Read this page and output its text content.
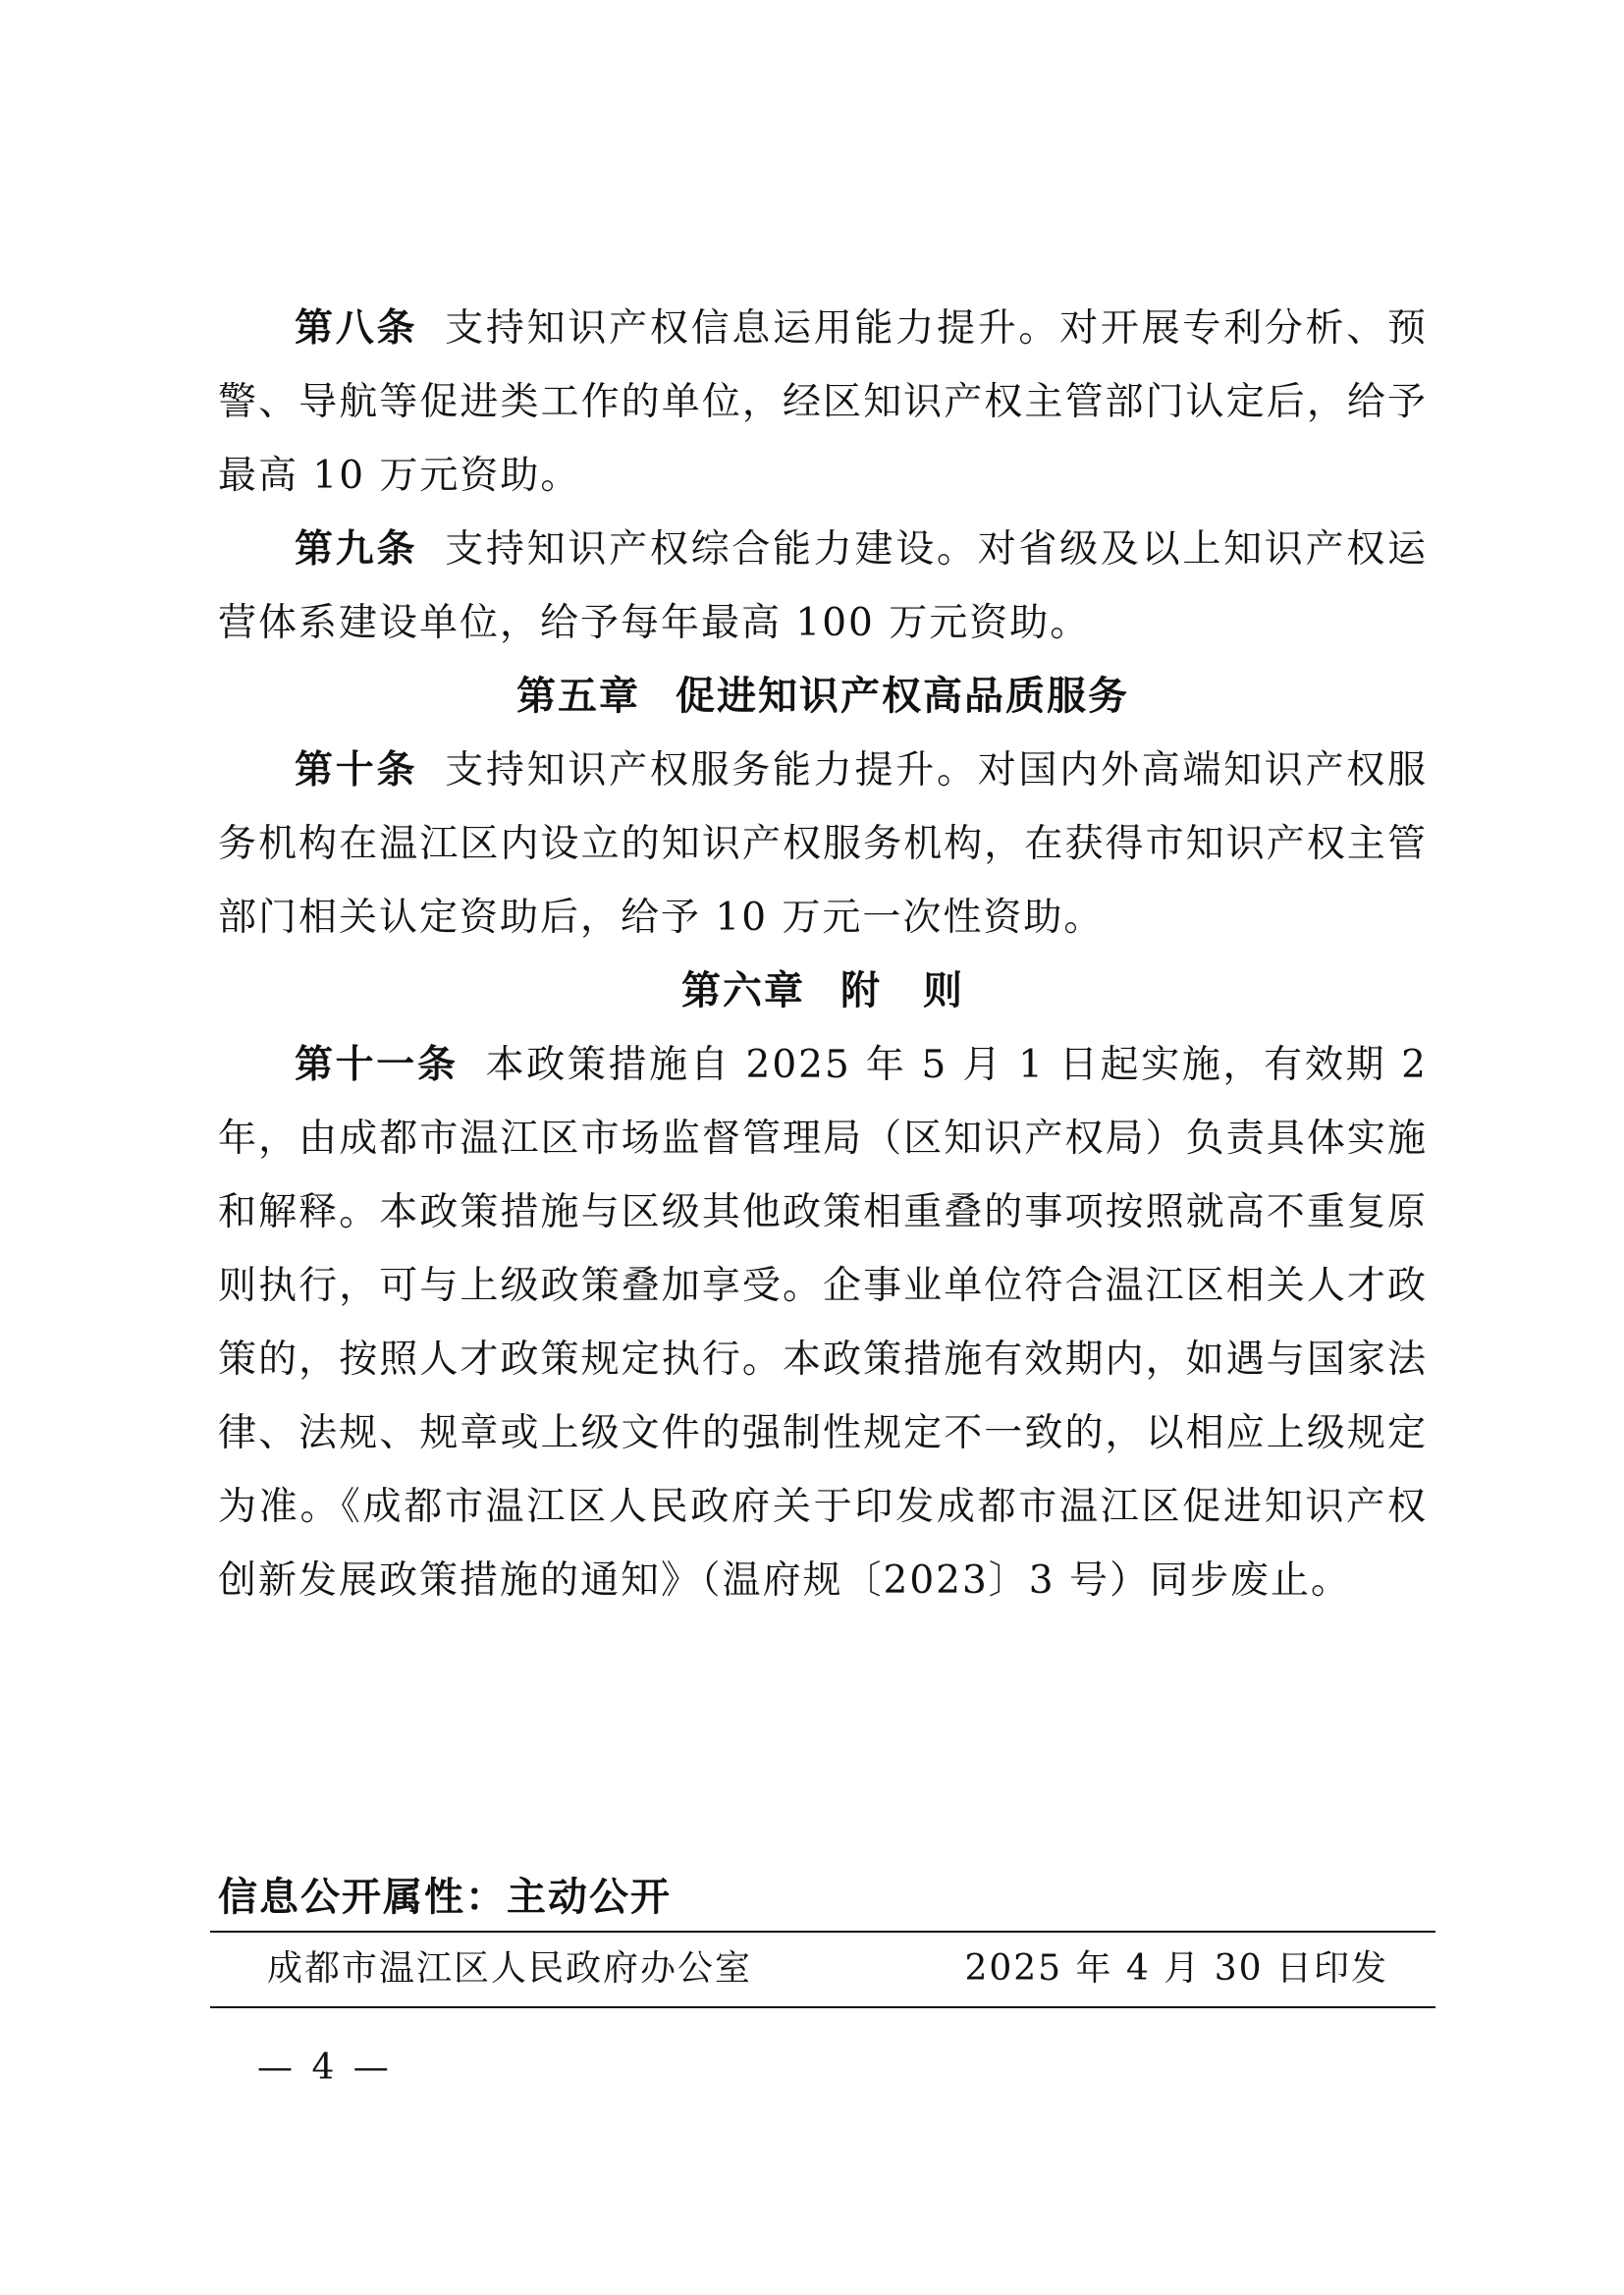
第八条 支持知识产权信息运用能力提升。对开展专利分析、预警、导航等促进类工作的单位，经区知识产权主管部门认定后，给予最高 10 万元资助。

第九条 支持知识产权综合能力建设。对省级及以上知识产权运营体系建设单位，给予每年最高 100 万元资助。

第五章 促进知识产权高品质服务

第十条 支持知识产权服务能力提升。对国内外高端知识产权服务机构在温江区内设立的知识产权服务机构，在获得市知识产权主管部门相关认定资助后，给予 10 万元一次性资助。

第六章 附　则

第十一条 本政策措施自 2025 年 5 月 1 日起实施，有效期 2 年，由成都市温江区市场监督管理局（区知识产权局）负责具体实施和解释。本政策措施与区级其他政策相重叠的事项按照就高不重复原则执行，可与上级政策叠加享受。企事业单位符合温江区相关人才政策的，按照人才政策规定执行。本政策措施有效期内，如遇与国家法律、法规、规章或上级文件的强制性规定不一致的，以相应上级规定为准。《成都市温江区人民政府关于印发成都市温江区促进知识产权创新发展政策措施的通知》（温府规〔2023〕3 号）同步废止。

信息公开属性：主动公开
成都市温江区人民政府办公室	2025 年 4 月 30 日印发
— 4 —
